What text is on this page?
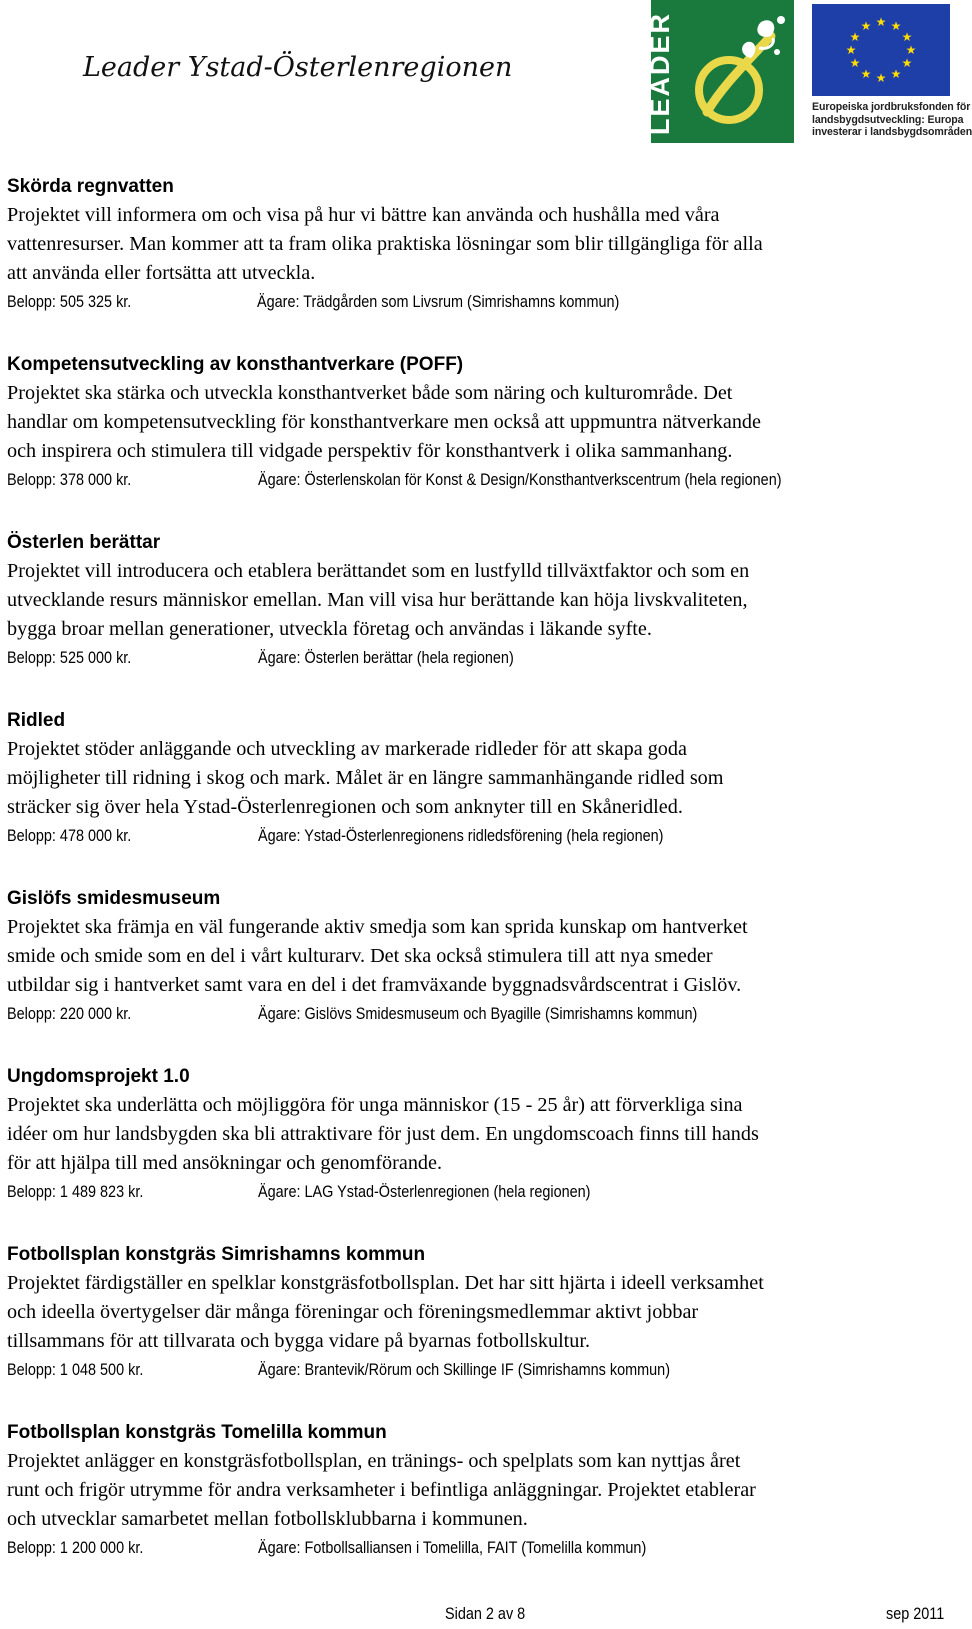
Leader Ystad-Österlenregionen	LEADER	★ ★
★
★
★
★
★
★
★
★
★
★
Europeiska jordbruksfonden för
landsbygdsutveckling: Europa
investerar i landsbygdsområden
Skörda regnvatten

Projektet vill informera om och visa på hur vi bättre kan använda och hushålla med våra
vattenresurser. Man kommer att ta fram olika praktiska lösningar som blir tillgängliga för alla
att använda eller fortsätta att utveckla.

Belopp: 505 325 kr.	Ägare: Trädgården som Livsrum (Simrishamns kommun)
Kompetensutveckling av konsthantverkare (POFF)

Projektet ska stärka och utveckla konsthantverket både som näring och kulturområde. Det
handlar om kompetensutveckling för konsthantverkare men också att uppmuntra nätverkande
och inspirera och stimulera till vidgade perspektiv för konsthantverk i olika sammanhang.

Belopp: 378 000 kr.	Ägare: Österlenskolan för Konst & Design/Konsthantverkscentrum (hela regionen)
Österlen berättar

Projektet vill introducera och etablera berättandet som en lustfylld tillväxtfaktor och som en
utvecklande resurs människor emellan. Man vill visa hur berättande kan höja livskvaliteten,
bygga broar mellan generationer, utveckla företag och användas i läkande syfte.

Belopp: 525 000 kr.	Ägare: Österlen berättar (hela regionen)
Ridled

Projektet stöder anläggande och utveckling av markerade ridleder för att skapa goda
möjligheter till ridning i skog och mark. Målet är en längre sammanhängande ridled som
sträcker sig över hela Ystad-Österlenregionen och som anknyter till en Skåneridled.

Belopp: 478 000 kr.	Ägare: Ystad-Österlenregionens ridledsförening (hela regionen)
Gislöfs smidesmuseum

Projektet ska främja en väl fungerande aktiv smedja som kan sprida kunskap om hantverket
smide och smide som en del i vårt kulturarv. Det ska också stimulera till att nya smeder
utbildar sig i hantverket samt vara en del i det framväxande byggnadsvårdscentrat i Gislöv.

Belopp: 220 000 kr.	Ägare: Gislövs Smidesmuseum och Byagille (Simrishamns kommun)
Ungdomsprojekt 1.0

Projektet ska underlätta och möjliggöra för unga människor (15 - 25 år) att förverkliga sina
idéer om hur landsbygden ska bli attraktivare för just dem. En ungdomscoach finns till hands
för att hjälpa till med ansökningar och genomförande.

Belopp: 1 489 823 kr.	Ägare: LAG Ystad-Österlenregionen (hela regionen)
Fotbollsplan konstgräs Simrishamns kommun

Projektet färdigställer en spelklar konstgräsfotbollsplan. Det har sitt hjärta i ideell verksamhet
och ideella övertygelser där många föreningar och föreningsmedlemmar aktivt jobbar
tillsammans för att tillvarata och bygga vidare på byarnas fotbollskultur.

Belopp: 1 048 500 kr.	Ägare: Brantevik/Rörum och Skillinge IF (Simrishamns kommun)
Fotbollsplan konstgräs Tomelilla kommun

Projektet anlägger en konstgräsfotbollsplan, en tränings- och spelplats som kan nyttjas året
runt och frigör utrymme för andra verksamheter i befintliga anläggningar. Projektet etablerar
och utvecklar samarbetet mellan fotbollsklubbarna i kommunen.

Belopp: 1 200 000 kr.	Ägare: Fotbollsalliansen i Tomelilla, FAIT (Tomelilla kommun)
Sidan 2 av 8	sep 2011
